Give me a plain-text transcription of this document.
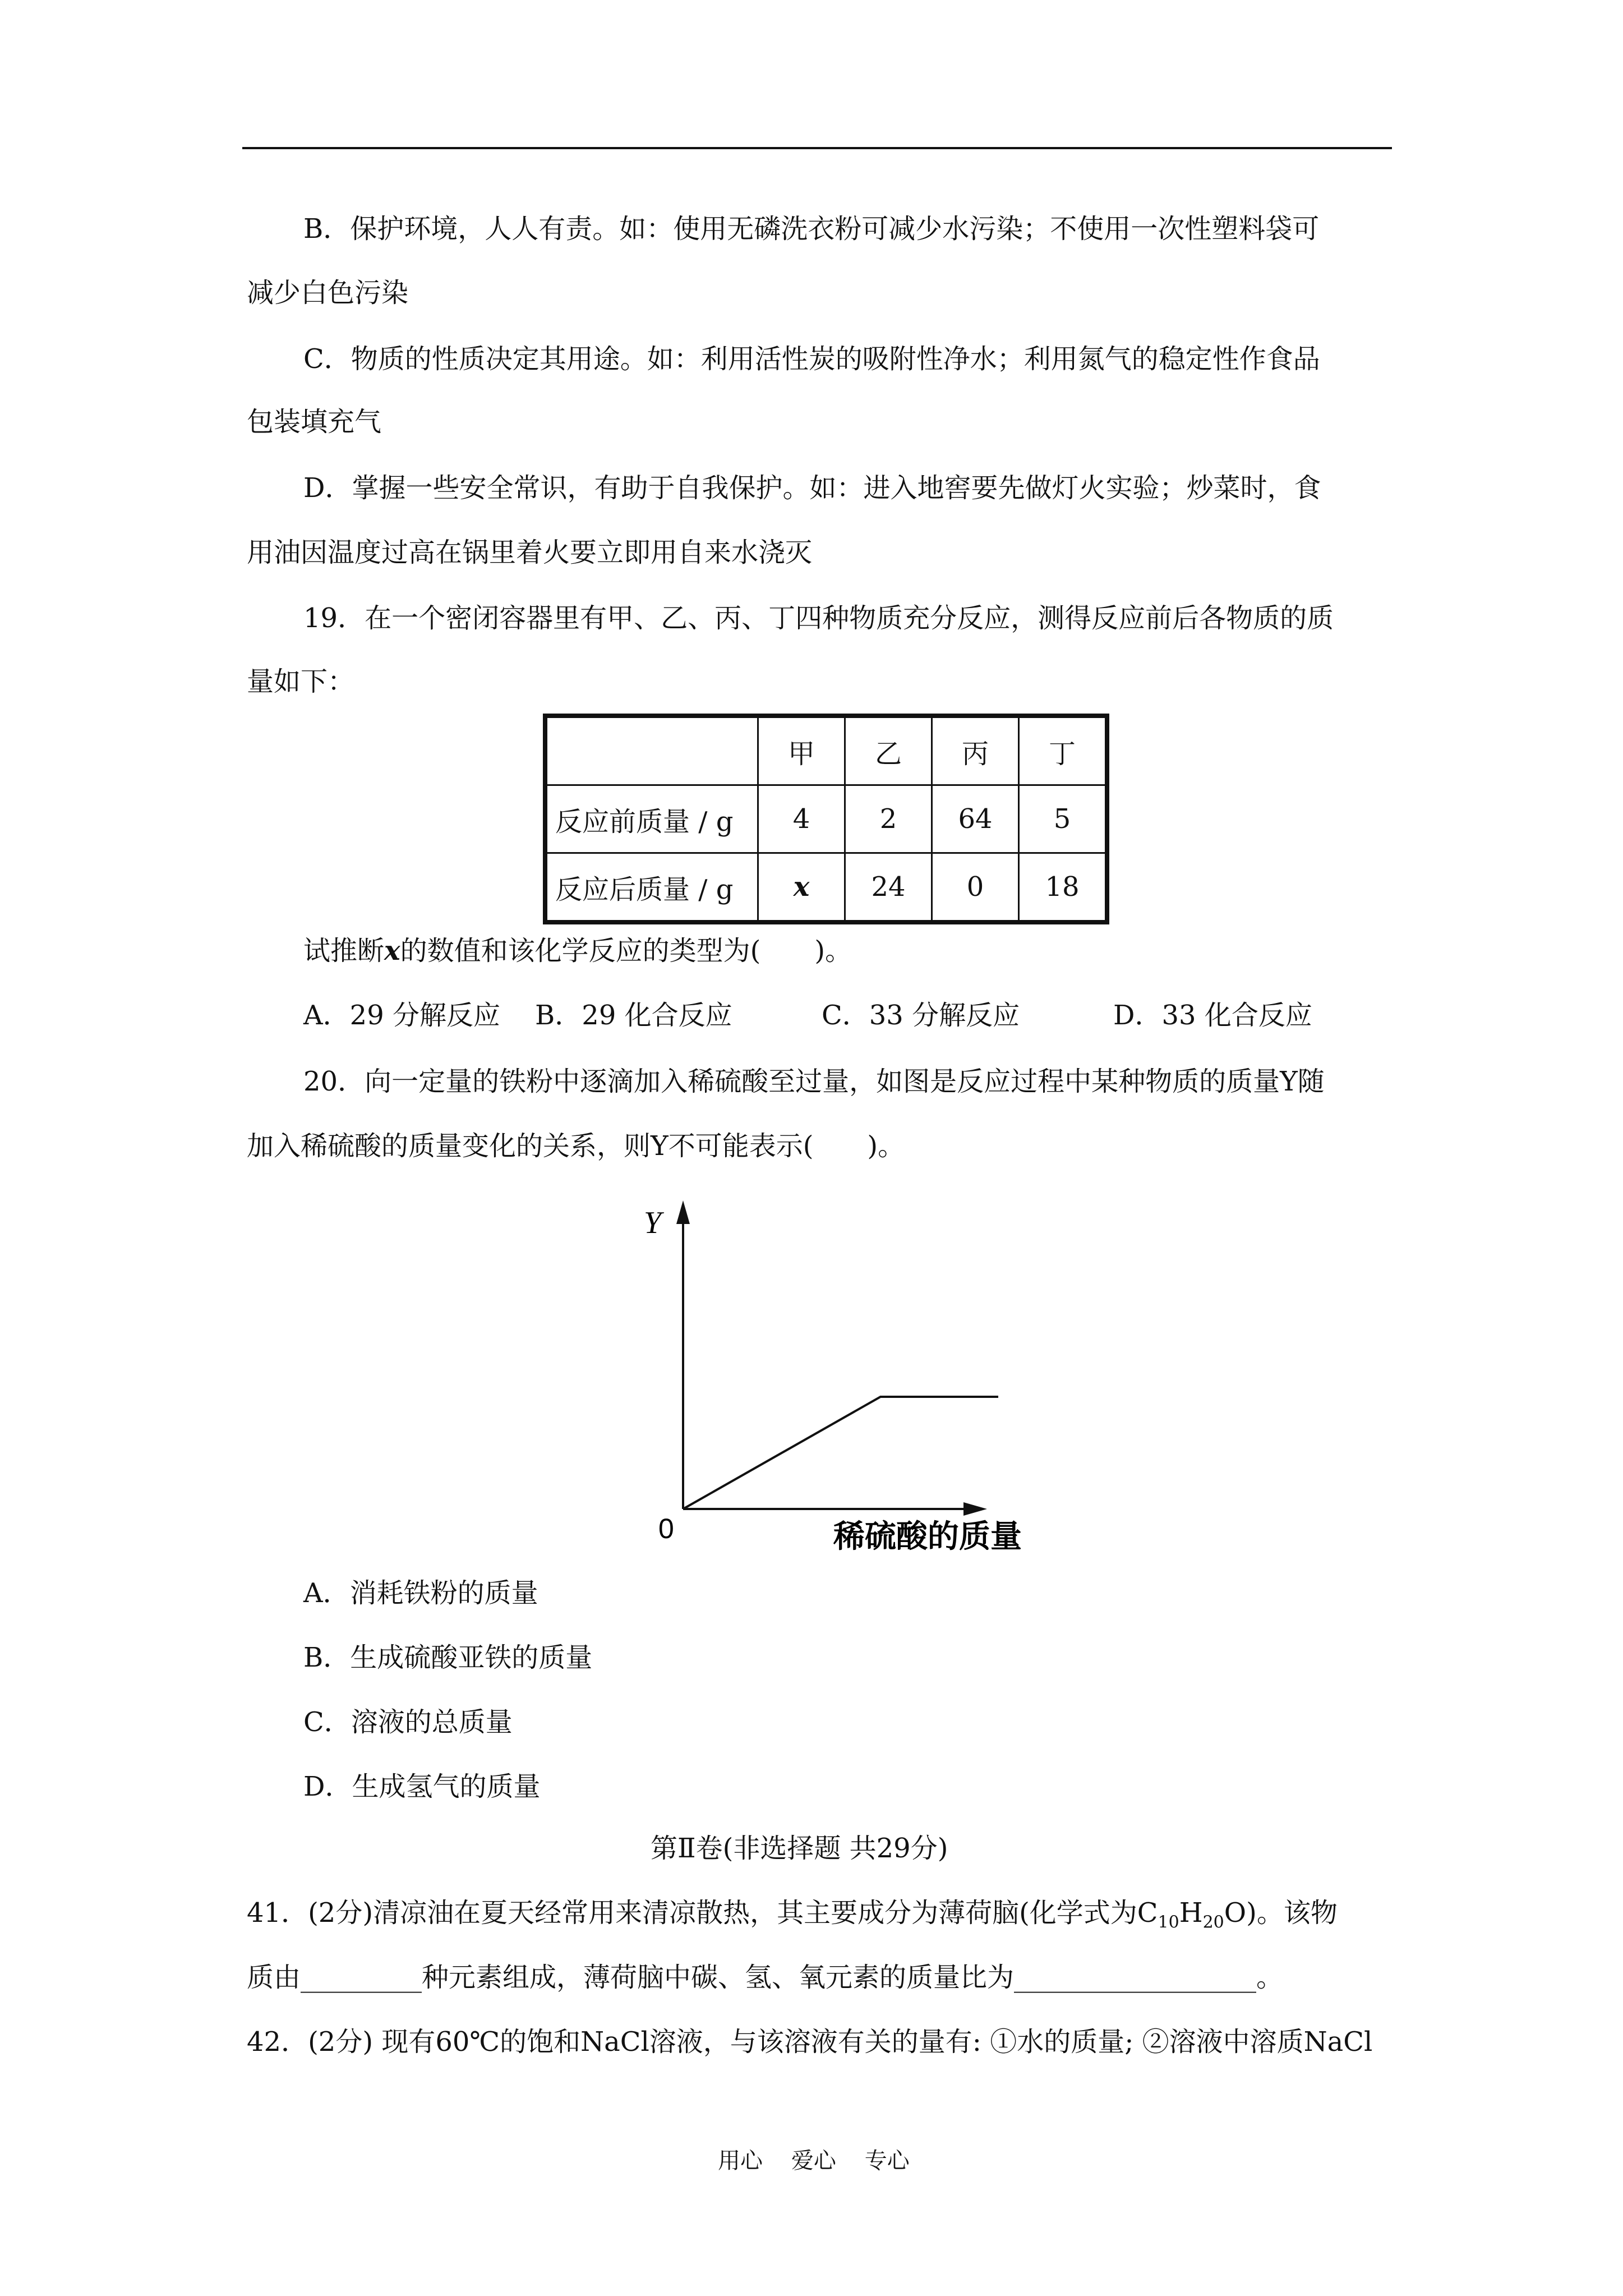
B．保护环境，人人有责。如：使用无磷洗衣粉可减少水污染；不使用一次性塑料袋可
减少白色污染
C．物质的性质决定其用途。如：利用活性炭的吸附性净水；利用氮气的稳定性作食品
包装填充气
D．掌握一些安全常识，有助于自我保护。如：进入地窖要先做灯火实验；炒菜时，食
用油因温度过高在锅里着火要立即用自来水浇灭
19．在一个密闭容器里有甲、乙、丙、丁四种物质充分反应，测得反应前后各物质的质
量如下：
	甲	乙	丙	丁
反应前质量 / g	4	2	64	5
反应后质量 / g	x	24	0	18
试推断x的数值和该化学反应的类型为(　　)。
A．29 分解反应 B．29 化合反应	C．33 分解反应	D．33 化合反应
20．向一定量的铁粉中逐滴加入稀硫酸至过量，如图是反应过程中某种物质的质量Y随
加入稀硫酸的质量变化的关系，则Y不可能表示(　　)。
Y
0	稀硫酸的质量
A．消耗铁粉的质量
B．生成硫酸亚铁的质量
C．溶液的总质量
D．生成氢气的质量
第Ⅱ卷(非选择题 共29分)
41．(2分)清凉油在夏天经常用来清凉散热，其主要成分为薄荷脑(化学式为$C_{10}H_{20}O$)。该物
质由_________种元素组成，薄荷脑中碳、氢、氧元素的质量比为__________________。
42．(2分) 现有60℃的饱和NaCl溶液，与该溶液有关的量有: ①水的质量; ②溶液中溶质NaCl
用心    爱心    专心
